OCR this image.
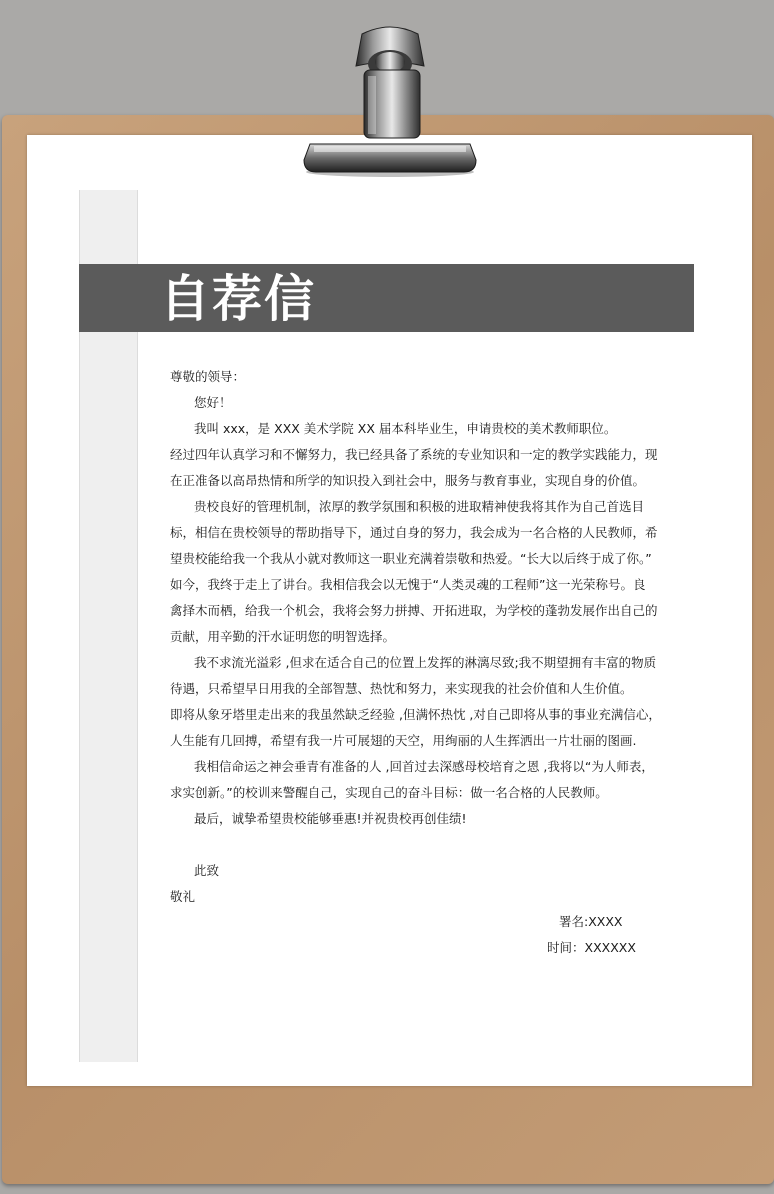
自荐信
尊敬的领导：
您好！
我叫 xxx，是 XXX 美术学院 XX 届本科毕业生，申请贵校的美术教师职位。
经过四年认真学习和不懈努力，我已经具备了系统的专业知识和一定的教学实践能力，现
在正准备以高昂热情和所学的知识投入到社会中，服务与教育事业，实现自身的价值。
贵校良好的管理机制，浓厚的教学氛围和积极的进取精神使我将其作为自己首选目
标，相信在贵校领导的帮助指导下，通过自身的努力，我会成为一名合格的人民教师，希
望贵校能给我一个我从小就对教师这一职业充满着崇敬和热爱。“长大以后终于成了你。”
如今，我终于走上了讲台。我相信我会以无愧于“人类灵魂的工程师”这一光荣称号。良
禽择木而栖，给我一个机会，我将会努力拼搏、开拓进取，为学校的蓬勃发展作出自己的
贡献，用辛勤的汗水证明您的明智选择。
我不求流光溢彩 ,但求在适合自己的位置上发挥的淋漓尽致;我不期望拥有丰富的物质
待遇，只希望早日用我的全部智慧、热忱和努力，来实现我的社会价值和人生价值。
即将从象牙塔里走出来的我虽然缺乏经验 ,但满怀热忱 ,对自己即将从事的事业充满信心，
人生能有几回搏，希望有我一片可展翅的天空，用绚丽的人生挥洒出一片壮丽的图画.
我相信命运之神会垂青有准备的人 ,回首过去深感母校培育之恩 ,我将以“为人师表，
求实创新。”的校训来警醒自己，实现自己的奋斗目标：做一名合格的人民教师。
最后，诚挚希望贵校能够垂惠!并祝贵校再创佳绩!
此致
敬礼
署名:XXXX
时间：XXXXXX
